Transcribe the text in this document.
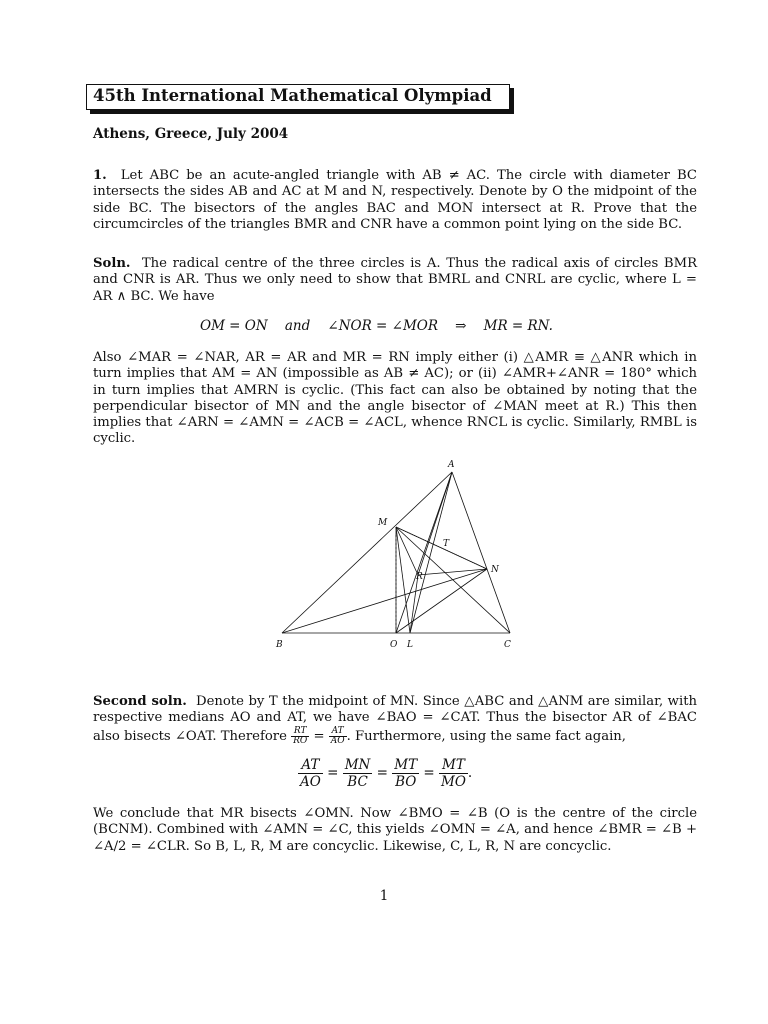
45th International Mathematical Olympiad
Athens, Greece, July 2004
1. Let ABC be an acute-angled triangle with AB ≠ AC. The circle with diameter BC intersects the sides AB and AC at M and N, respectively. Denote by O the midpoint of the side BC. The bisectors of the angles BAC and MON intersect at R. Prove that the circumcircles of the triangles BMR and CNR have a common point lying on the side BC.
Soln. The radical centre of the three circles is A. Thus the radical axis of circles BMR and CNR is AR. Thus we only need to show that BMRL and CNRL are cyclic, where L = AR ∧ BC. We have
OM = ON    and    ∠NOR = ∠MOR    ⇒    MR = RN.
Also ∠MAR = ∠NAR, AR = AR and MR = RN imply either (i) △AMR ≡ △ANR which in turn implies that AM = AN (impossible as AB ≠ AC); or (ii) ∠AMR+∠ANR = 180° which in turn implies that AMRN is cyclic. (This fact can also be obtained by noting that the perpendicular bisector of MN and the angle bisector of ∠MAN meet at R.) This then implies that ∠ARN = ∠AMN = ∠ACB = ∠ACL, whence RNCL is cyclic. Similarly, RMBL is cyclic.
A
M
T
R
N
B	O L	C
Second soln. Denote by T the midpoint of MN. Since △ABC and △ANM are similar, with respective medians AO and AT, we have ∠BAO = ∠CAT. Thus the bisector AR of ∠BAC also bisects ∠OAT. Therefore $\frac{RT}{RO} = \frac{AT}{AO}$ . Furthermore, using the same fact again,
$\frac{AT}{AO} = \frac{MN}{BC} = \frac{MT}{BO} = \frac{MT}{MO}$ .
We conclude that MR bisects ∠OMN. Now ∠BMO = ∠B (O is the centre of the circle (BCNM). Combined with ∠AMN = ∠C, this yields ∠OMN = ∠A, and hence ∠BMR = ∠B + ∠A/2 = ∠CLR. So B, L, R, M are concyclic. Likewise, C, L, R, N are concyclic.
1
